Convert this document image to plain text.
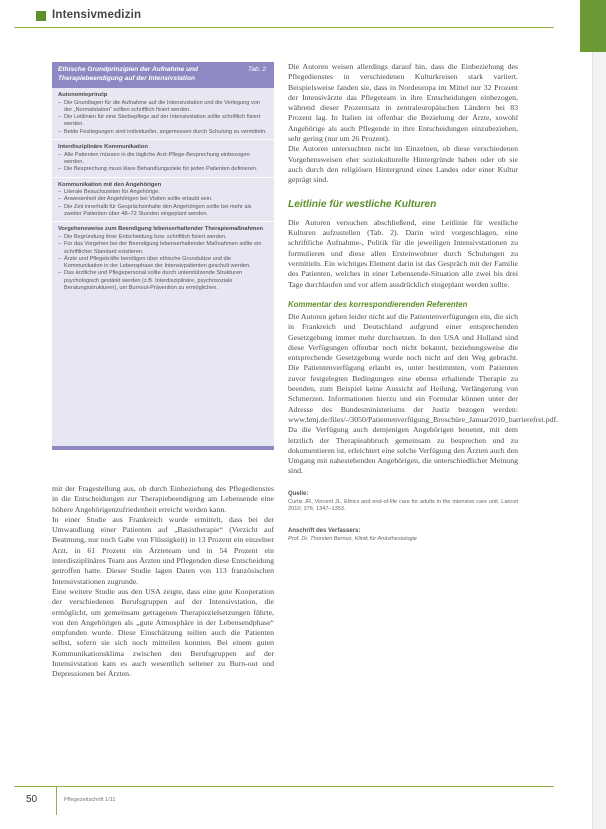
Intensivmedizin
Ethische Grundprinzipien der Aufnahme und Therapiebeendigung auf der Intensivstation
Tab. 2
Autonomieprinzip
– Die Grundlagen für die Aufnahme auf die Intensivstation und die Verlegung von der „Normalstation“ sollten schriftlich fixiert werden.
– Die Leitlinien für eine Sterbepflege auf der Intensivstation sollte schriftlich fixiert werden.
– Beide Festlegungen sind individueller, angemessen durch Schulung zu vermitteln.
Interdisziplinäre Kommunikation
– Alle Patienten müssen in die tägliche Arzt-Pflege-Besprechung einbezogen werden.
– Die Besprechung muss klare Behandlungsziele für jeden Patienten definieren.
Kommunikation mit den Angehörigen
– Literale Besuchszeiten für Angehörige.
– Anwesenheit der Angehörigen bei Visiten sollte erlaubt sein.
– Die Zeit innerhalb für Gesprächsinhalte den Angehörigen sollte bei mehr als zweiter Patienten über 48–72 Stunden eingeplant werden.
Vorgehensweise zum Beendigung lebenserhaltender Therapiemaßnahmen
– Die Begründung ihrer Entscheidung bzw. schriftlich fixiert werden.
– Für das Vorgehen bei der Beendigung lebenserhaltender Maßnahmen sollte ein schriftlicher Standard existieren.
– Ärzte und Pflegekräfte benötigen über ethische Grundsätze und die Kommunikation in der Lebensphase der Intensivpatienten geschult werden.
– Das ärztliche und Pflegepersonal sollte durch unterstützende Strukturen psychologisch gestärkt werden (z.B. Interdisziplinäre, psychosoziale Beratungsstrukturen), um Burnout-Prävention zu ermöglichen.

mit der Fragestellung aus, ob durch Einbeziehung des Pflegedienstes in die Entscheidungen zur Therapiebeendigung am Lebensende eine höhere Angehörigenzufriedenheit erreicht werden kann.

In einer Studie aus Frankreich wurde ermittelt, dass bei der Umwandlung einer Patienten auf „Basistherapie“ (Verzicht auf Beatmung, nur noch Gabe von Flüssigkeit) in 13 Prozent ein einzelner Arzt, in 61 Prozent ein Ärzteteam und in 54 Prozent ein interdisziplinäres Team aus Ärzten und Pflegenden diese Entscheidung getroffen hatte. Dieser Studie lagen Daten von 113 französischen Intensivstationen zugrunde.

Eine weitere Studie aus den USA zeigte, dass eine gute Kooperation der verschiedenen Berufsgruppen auf der Intensivstation, die ermöglicht, um gemeinsam getragenen Therapiezielsetzungen führte, von den Angehörigen als „gute Atmosphäre in der Lebensendphase“ empfunden wurde. Diese Einschätzung teilten auch die Patienten selbst, sofern sie sich noch mitteilen konnten. Bei einem guten Kommunikationsklima zwischen den Berufsgruppen auf der Intensivstation kam es auch wesentlich seltener zu Burn-out und Depressionen bei Ärzten.

Die Autoren weisen allerdings darauf hin, dass die Einbeziehung des Pflegedienstes in verschiedenen Kulturkreisen stark variiert. Beispielsweise fanden sie, dass in Nordeuropa im Mittel nur 32 Prozent der Intensivärzte das Pflegeteam in ihre Entscheidungen einbezogen, während dieser Prozentsatz in zentraleuropäischen Ländern bei 83 Prozent lag. In Italien ist offenbar die Beziehung der Ärzte, sowohl Angehörige als auch Pflegende in ihre Entscheidungen einzubeziehen, sehr gering (nur um 26 Prozent).

Die Autoren untersuchten nicht im Einzelnen, ob diese verschiedenen Vorgehensweisen eher soziokulturelle Hintergründe haben oder ob sie auch durch den religiösen Hintergrund eines Landes oder einer Kultur geprägt sind.

Leitlinie für westliche Kulturen

Die Autoren versuchen abschließend, eine Leitlinie für westliche Kulturen aufzustellen (Tab. 2). Darin wird vorgeschlagen, eine schriftliche Aufnahme-, Politik für die jeweiligen Intensivstationen zu formulieren und diese allen Ersteinwohner durch Schulungen zu vermitteln. Ein wichtiges Element darin ist das Gespräch mit der Familie des Patienten, welches in einer Lebensende-Situation alle zwei bis drei Tage durchlaufen und vor allem ausdrücklich eingeplant werden sollte.

Kommentar des korrespondierenden Referenten

Die Autoren gehen leider nicht auf die Patientenverfügungen ein, die sich in Frankreich und Deutschland aufgrund einer entsprechenden Gesetzgebung immer mehr durchsetzen. In den USA und Holland sind diese Verfügungen offenbar noch nicht bekannt, beziehungsweise die entsprechende Gesetzgebung wurde noch nicht auf den Weg gebracht. Die Patientenverfügung erlaubt es, unter bestimmten, vom Patienten zuvor festgelegten Bedingungen eine ebenso erhaltende Therapie zu beenden, zum Beispiel keine Aussicht auf Heilung, Verlängerung von Schmerzen. Informationen hierzu und ein Formular können unter der Adresse des Bundesministeriums der Justiz bezogen werden: www.bmj.de/files/-/3050/Patientenverfügung_Broschüre_Januar2010_barrierefrei.pdf. Da die Verfügung auch demjenigen Angehörigen benennt, mit dem letztlich der Therapieabbruch gemeinsam zu besprechen und zu dokumentieren ist, erleichtert eine solche Verfügung den Ärzten auch den Umgang mit nahestehenden Angehörigen, die unterschiedlicher Meinung sind.

Quelle:
Curtis JR, Vincent JL. Ethics and end-of-life care for adults in the intensive care unit. Lancet 2010; 376: 1347–1353.
Anschrift des Verfassers:
Prof. Dr. Thorsten Bernus, Klinik für Anästhesiologie
50	Pflegezeitschrift 1/11
